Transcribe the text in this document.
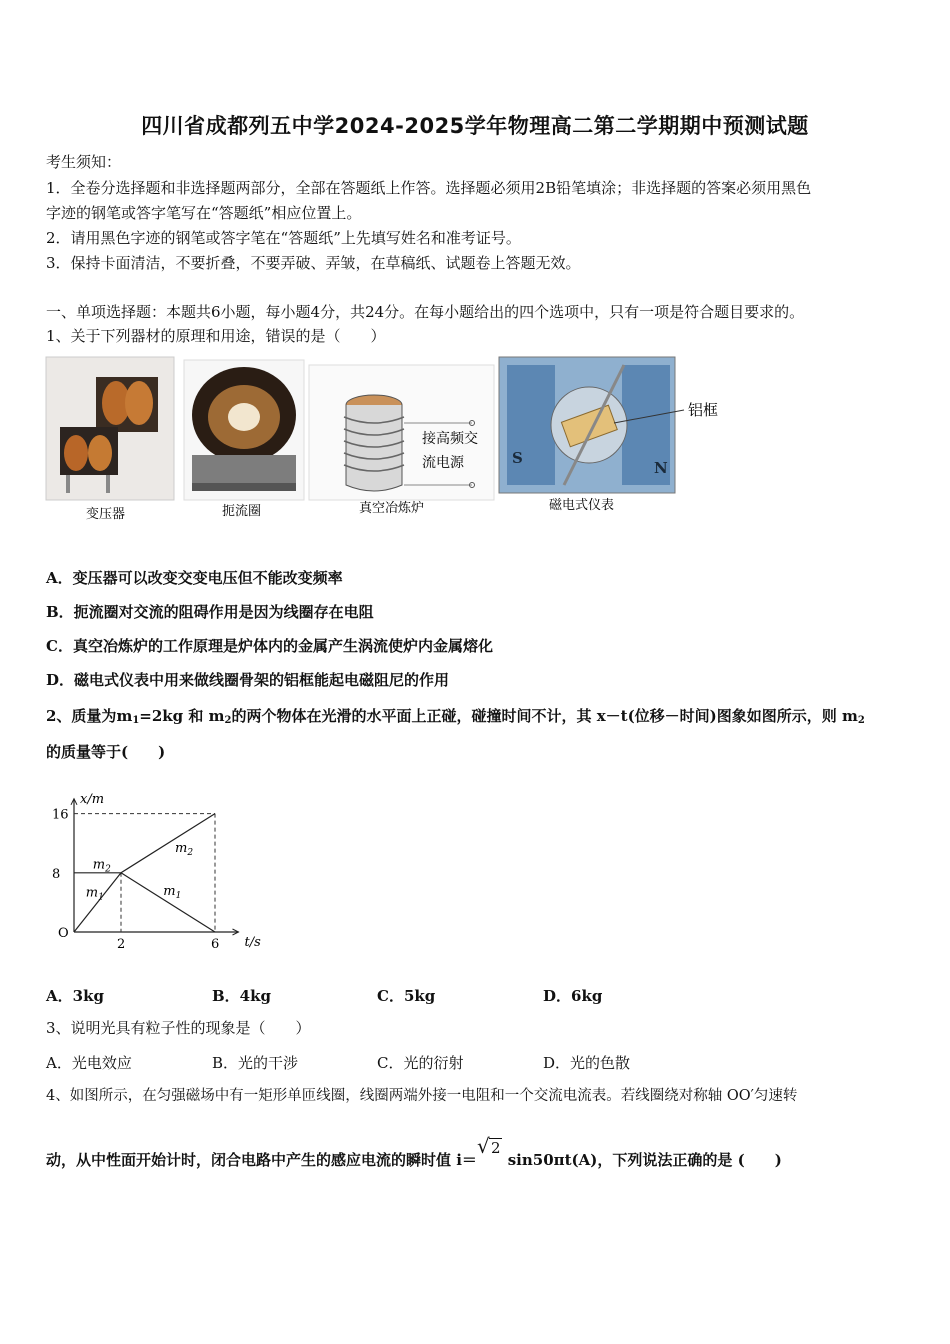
四川省成都列五中学2024-2025学年物理高二第二学期期中预测试题
考生须知：
1．全卷分选择题和非选择题两部分，全部在答题纸上作答。选择题必须用2B铅笔填涂；非选择题的答案必须用黑色
字迹的钢笔或答字笔写在“答题纸”相应位置上。
2．请用黑色字迹的钢笔或答字笔在“答题纸”上先填写姓名和准考证号。
3．保持卡面清洁，不要折叠，不要弄破、弄皱，在草稿纸、试题卷上答题无效。
一、单项选择题：本题共6小题，每小题4分，共24分。在每小题给出的四个选项中，只有一项是符合题目要求的。
1、关于下列器材的原理和用途，错误的是（　　）
接高频交
流电源	S
N
铝框
变压器	扼流圈	真空冶炼炉	磁电式仪表
A．变压器可以改变交变电压但不能改变频率
B．扼流圈对交流的阻碍作用是因为线圈存在电阻
C．真空冶炼炉的工作原理是炉体内的金属产生涡流使炉内金属熔化
D．磁电式仪表中用来做线圈骨架的铝框能起电磁阻尼的作用
2、质量为$m_1=2kg$ 和 $m_2$的两个物体在光滑的水平面上正碰，碰撞时间不计，其 x－t(位移－时间)图象如图所示，则 $m_2$
的质量等于(　　)
x/m
t/s
O
8
16
2	6
$m_2$
$m_1$
$m_2$
$m_1$
A．3kg	B．4kg	C．5kg	D．6kg
3、说明光具有粒子性的现象是（　　）
A．光电效应	B．光的干涉	C．光的衍射	D．光的色散
4、如图所示，在匀强磁场中有一矩形单匝线圈，线圈两端外接一电阻和一个交流电流表。若线圈绕对称轴 OO′匀速转
动，从中性面开始计时，闭合电路中产生的感应电流的瞬时值 i＝
√ 2 sin50πt(A)，下列说法正确的是 (　　)
